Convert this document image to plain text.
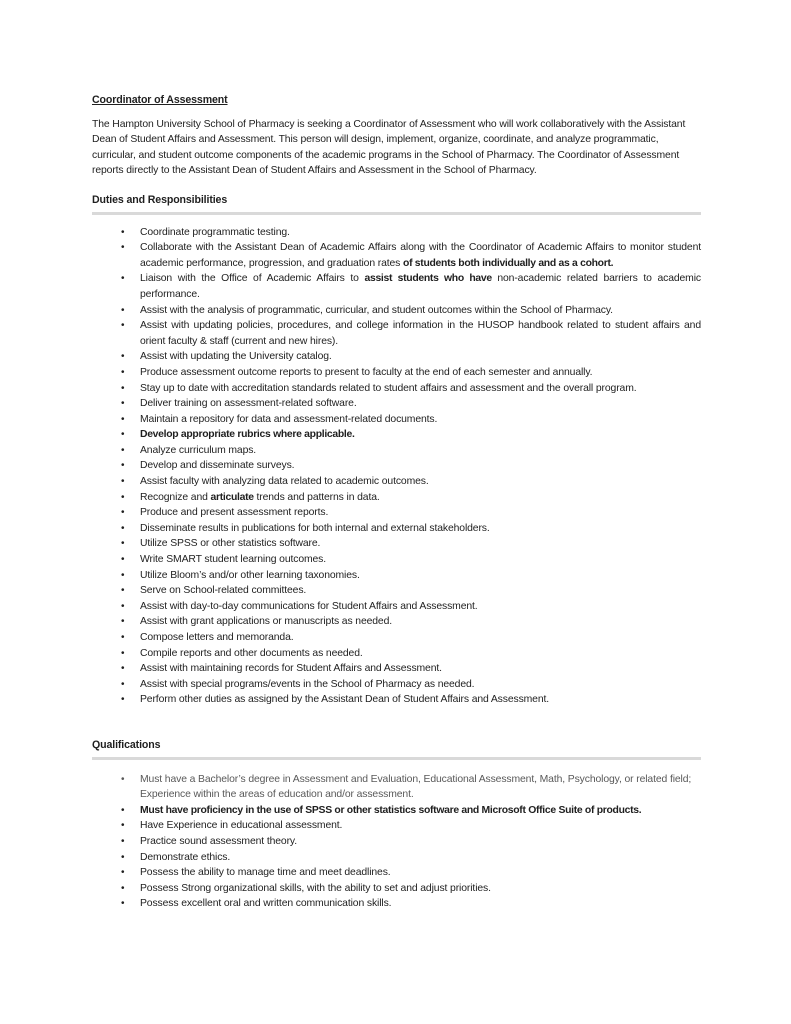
Coordinator of Assessment

The Hampton University School of Pharmacy is seeking a Coordinator of Assessment who will work collaboratively with the Assistant Dean of Student Affairs and Assessment. This person will design, implement, organize, coordinate, and analyze programmatic, curricular, and student outcome components of the academic programs in the School of Pharmacy. The Coordinator of Assessment reports directly to the Assistant Dean of Student Affairs and Assessment in the School of Pharmacy.

Duties and Responsibilities
• Coordinate programmatic testing.
• Collaborate with the Assistant Dean of Academic Affairs along with the Coordinator of Academic Affairs to monitor student academic performance, progression, and graduation rates of students both individually and as a cohort.
• Liaison with the Office of Academic Affairs to assist students who have non-academic related barriers to academic performance.
• Assist with the analysis of programmatic, curricular, and student outcomes within the School of Pharmacy.
• Assist with updating policies, procedures, and college information in the HUSOP handbook related to student affairs and orient faculty & staff (current and new hires).
• Assist with updating the University catalog.
• Produce assessment outcome reports to present to faculty at the end of each semester and annually.
• Stay up to date with accreditation standards related to student affairs and assessment and the overall program.
• Deliver training on assessment-related software.
• Maintain a repository for data and assessment-related documents.
• Develop appropriate rubrics where applicable.
• Analyze curriculum maps.
• Develop and disseminate surveys.
• Assist faculty with analyzing data related to academic outcomes.
• Recognize and articulate trends and patterns in data.
• Produce and present assessment reports.
• Disseminate results in publications for both internal and external stakeholders.
• Utilize SPSS or other statistics software.
• Write SMART student learning outcomes.
• Utilize Bloom’s and/or other learning taxonomies.
• Serve on School-related committees.
• Assist with day-to-day communications for Student Affairs and Assessment.
• Assist with grant applications or manuscripts as needed.
• Compose letters and memoranda.
• Compile reports and other documents as needed.
• Assist with maintaining records for Student Affairs and Assessment.
• Assist with special programs/events in the School of Pharmacy as needed.
• Perform other duties as assigned by the Assistant Dean of Student Affairs and Assessment.
Qualifications
• Must have a Bachelor’s degree in Assessment and Evaluation, Educational Assessment, Math, Psychology, or related field; Experience within the areas of education and/or assessment.
• Must have proficiency in the use of SPSS or other statistics software and Microsoft Office Suite of products.
• Have Experience in educational assessment.
• Practice sound assessment theory.
• Demonstrate ethics.
• Possess the ability to manage time and meet deadlines.
• Possess Strong organizational skills, with the ability to set and adjust priorities.
• Possess excellent oral and written communication skills.
